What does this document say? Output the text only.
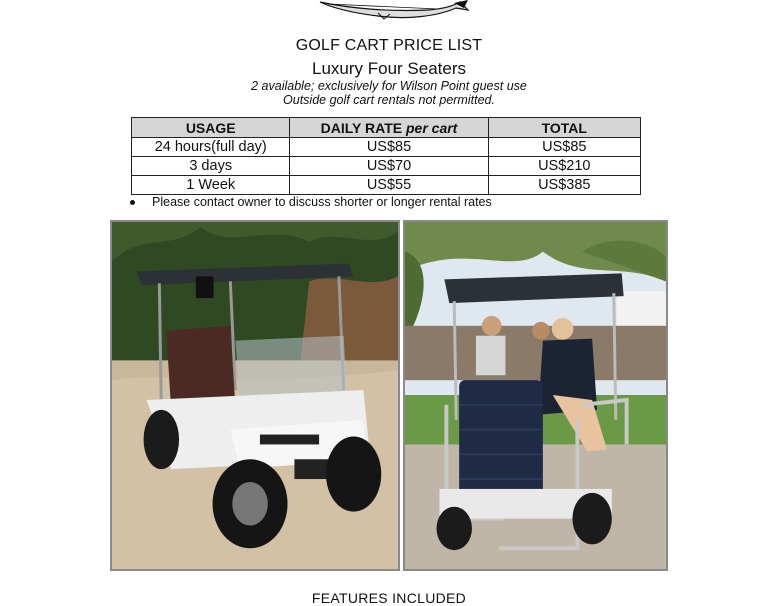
GOLF CART PRICE LIST
Luxury Four Seaters
2 available; exclusively for Wilson Point guest use
Outside golf cart rentals not permitted.
USAGE	DAILY RATE per cart	TOTAL
24 hours(full day)	US$85	US$85
3 days	US$70	US$210
1 Week	US$55	US$385
Please contact owner to discuss shorter or longer rental rates
FEATURES INCLUDED
